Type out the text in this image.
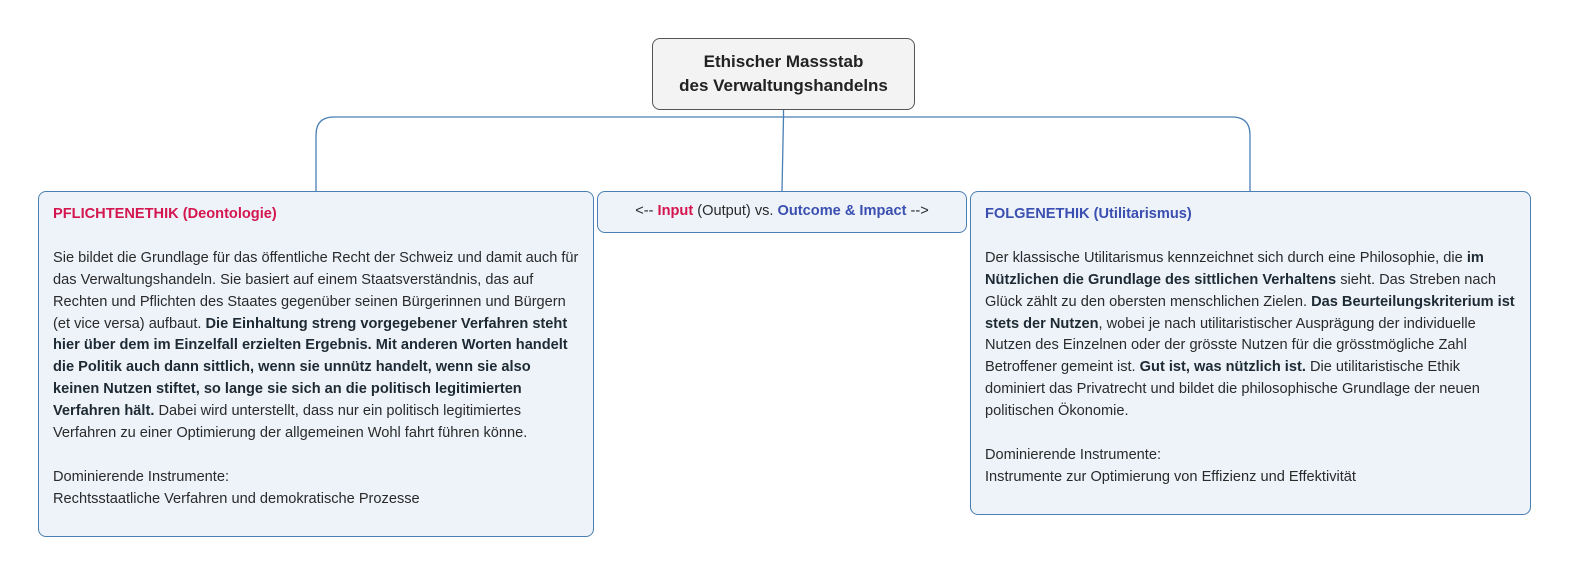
Ethischer Massstab
des Verwaltungshandelns
PFLICHTENETHIK (Deontologie)

Sie bildet die Grundlage für das öffentliche Recht der Schweiz und damit auch für das Verwaltungshandeln. Sie basiert auf einem Staatsverständnis, das auf Rechten und Pflichten des Staates gegenüber seinen Bürgerinnen und Bürgern (et vice versa) aufbaut. Die Einhaltung streng vorgegebener Verfahren steht hier über dem im Einzelfall erzielten Ergebnis. Mit anderen Worten handelt die Politik auch dann sittlich, wenn sie unnütz handelt, wenn sie also keinen Nutzen stiftet, so lange sie sich an die politisch legitimierten Verfahren hält. Dabei wird unterstellt, dass nur ein politisch legitimiertes Verfahren zu einer Optimierung der allgemeinen Wohl fahrt führen könne.

Dominierende Instrumente:
Rechtsstaatliche Verfahren und demokratische Prozesse
<-- Input (Output) vs. Outcome & Impact -->	FOLGENETHIK (Utilitarismus)

Der klassische Utilitarismus kennzeichnet sich durch eine Philosophie, die im Nützlichen die Grundlage des sittlichen Verhaltens sieht. Das Streben nach Glück zählt zu den obersten menschlichen Zielen. Das Beurteilungskriterium ist stets der Nutzen, wobei je nach utilitaristischer Ausprägung der individuelle Nutzen des Einzelnen oder der grösste Nutzen für die grösstmögliche Zahl Betroffener gemeint ist. Gut ist, was nützlich ist. Die utilitaristische Ethik dominiert das Privatrecht und bildet die philosophische Grundlage der neuen politischen Ökonomie.

Dominierende Instrumente:
Instrumente zur Optimierung von Effizienz und Effektivität
